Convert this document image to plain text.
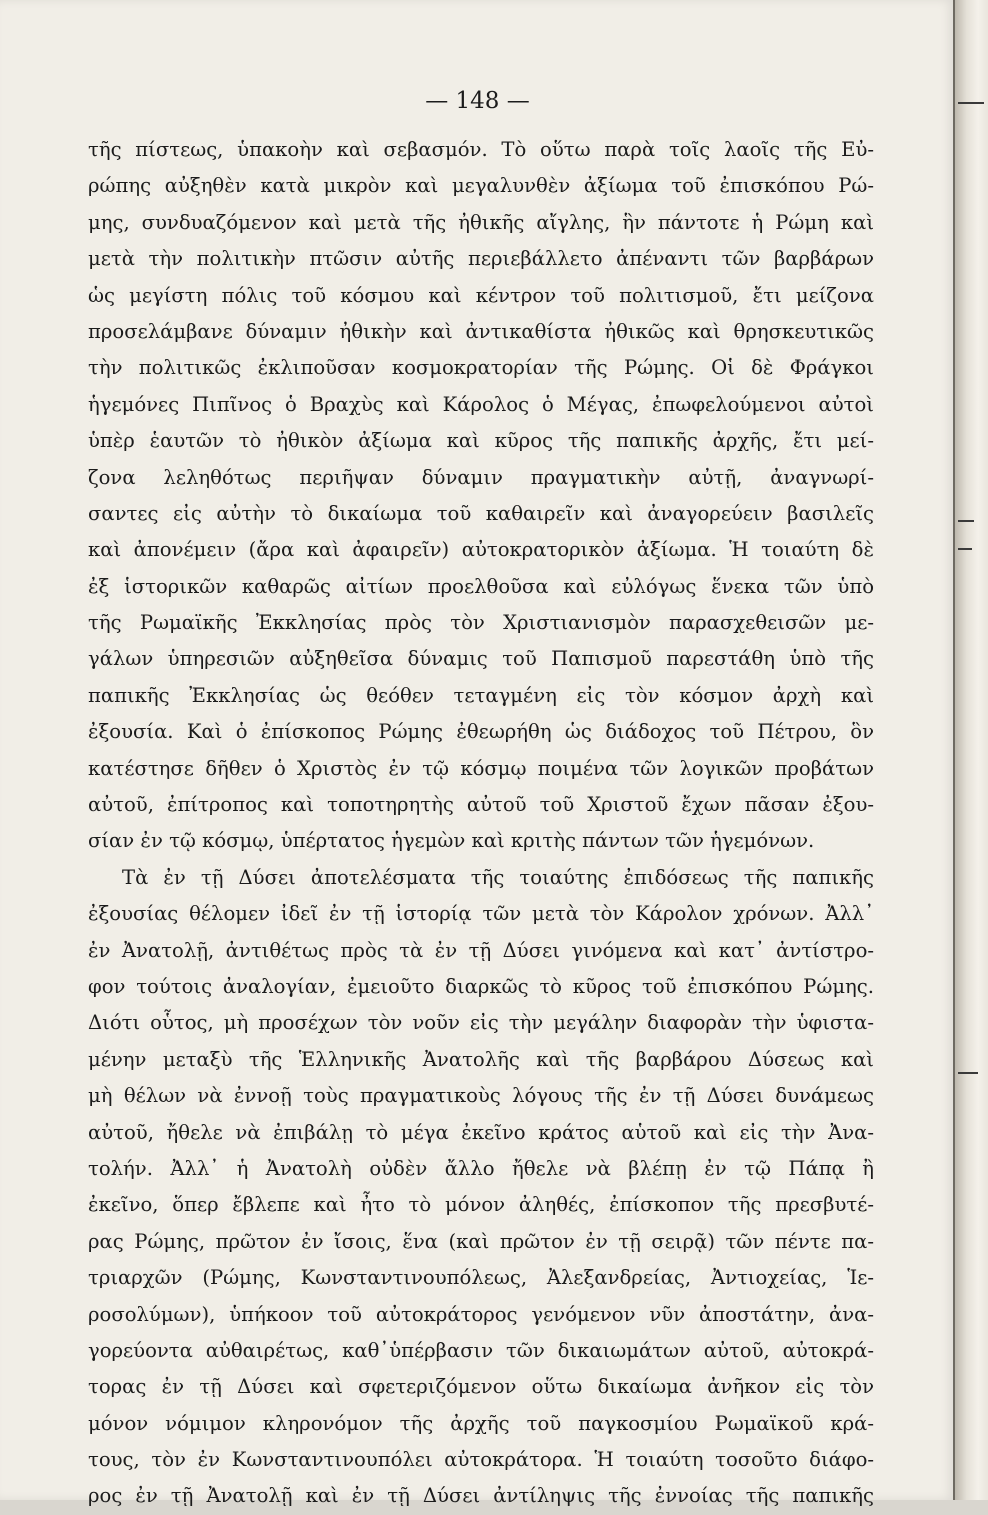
— 148 —
τῆς πίστεως, ὑπακοὴν καὶ σεβασμόν. Τὸ οὕτω παρὰ τοῖς λαοῖς τῆς Εὐ-
ρώπης αὐξηθὲν κατὰ μικρὸν καὶ μεγαλυνθὲν ἀξίωμα τοῦ ἐπισκόπου Ρώ-
μης, συνδυαζόμενον καὶ μετὰ τῆς ἠθικῆς αἴγλης, ἣν πάντοτε ἡ Ρώμη καὶ
μετὰ τὴν πολιτικὴν πτῶσιν αὐτῆς περιεβάλλετο ἀπέναντι τῶν βαρβάρων
ὡς μεγίστη πόλις τοῦ κόσμου καὶ κέντρον τοῦ πολιτισμοῦ, ἔτι μείζονα
προσελάμβανε δύναμιν ἠθικὴν καὶ ἀντικαθίστα ἠθικῶς καὶ θρησκευτικῶς
τὴν πολιτικῶς ἐκλιποῦσαν κοσμοκρατορίαν τῆς Ρώμης. Οἱ δὲ Φράγκοι
ἡγεμόνες Πιπῖνος ὁ Βραχὺς καὶ Κάρολος ὁ Μέγας, ἐπωφελούμενοι αὐτοὶ
ὑπὲρ ἑαυτῶν τὸ ἠθικὸν ἀξίωμα καὶ κῦρος τῆς παπικῆς ἀρχῆς, ἔτι μεί-
ζονα λεληθότως περιῆψαν δύναμιν πραγματικὴν αὐτῇ, ἀναγνωρί-
σαντες εἰς αὐτὴν τὸ δικαίωμα τοῦ καθαιρεῖν καὶ ἀναγορεύειν βασιλεῖς
καὶ ἀπονέμειν (ἄρα καὶ ἀφαιρεῖν) αὐτοκρατορικὸν ἀξίωμα. Ἡ τοιαύτη δὲ
ἐξ ἱστορικῶν καθαρῶς αἰτίων προελθοῦσα καὶ εὐλόγως ἕνεκα τῶν ὑπὸ
τῆς Ρωμαϊκῆς Ἐκκλησίας πρὸς τὸν Χριστιανισμὸν παρασχεθεισῶν με-
γάλων ὑπηρεσιῶν αὐξηθεῖσα δύναμις τοῦ Παπισμοῦ παρεστάθη ὑπὸ τῆς
παπικῆς Ἐκκλησίας ὡς θεόθεν τεταγμένη εἰς τὸν κόσμον ἀρχὴ καὶ
ἐξουσία. Καὶ ὁ ἐπίσκοπος Ρώμης ἐθεωρήθη ὡς διάδοχος τοῦ Πέτρου, ὃν
κατέστησε δῆθεν ὁ Χριστὸς ἐν τῷ κόσμῳ ποιμένα τῶν λογικῶν προβάτων
αὐτοῦ, ἐπίτροπος καὶ τοποτηρητὴς αὐτοῦ τοῦ Χριστοῦ ἔχων πᾶσαν ἐξου-
σίαν ἐν τῷ κόσμῳ, ὑπέρτατος ἡγεμὼν καὶ κριτὴς πάντων τῶν ἡγεμόνων.
Τὰ ἐν τῇ Δύσει ἀποτελέσματα τῆς τοιαύτης ἐπιδόσεως τῆς παπικῆς
ἐξουσίας θέλομεν ἰδεῖ ἐν τῇ ἱστορίᾳ τῶν μετὰ τὸν Κάρολον χρόνων. Ἀλλ᾽
ἐν Ἀνατολῇ, ἀντιθέτως πρὸς τὰ ἐν τῇ Δύσει γινόμενα καὶ κατ᾽ ἀντίστρο-
φον τούτοις ἀναλογίαν, ἐμειοῦτο διαρκῶς τὸ κῦρος τοῦ ἐπισκόπου Ρώμης.
Διότι οὗτος, μὴ προσέχων τὸν νοῦν εἰς τὴν μεγάλην διαφορὰν τὴν ὑφιστα-
μένην μεταξὺ τῆς Ἑλληνικῆς Ἀνατολῆς καὶ τῆς βαρβάρου Δύσεως καὶ
μὴ θέλων νὰ ἐννοῇ τοὺς πραγματικοὺς λόγους τῆς ἐν τῇ Δύσει δυνάμεως
αὐτοῦ, ἤθελε νὰ ἐπιβάλῃ τὸ μέγα ἐκεῖνο κράτος αὑτοῦ καὶ εἰς τὴν Ἀνα-
τολήν. Ἀλλ᾽ ἡ Ἀνατολὴ οὐδὲν ἄλλο ἤθελε νὰ βλέπῃ ἐν τῷ Πάπᾳ ἢ
ἐκεῖνο, ὅπερ ἔβλεπε καὶ ἦτο τὸ μόνον ἀληθές, ἐπίσκοπον τῆς πρεσβυτέ-
ρας Ρώμης, πρῶτον ἐν ἴσοις, ἕνα (καὶ πρῶτον ἐν τῇ σειρᾷ) τῶν πέντε πα-
τριαρχῶν (Ρώμης, Κωνσταντινουπόλεως, Ἀλεξανδρείας, Ἀντιοχείας, Ἱε-
ροσολύμων), ὑπήκοον τοῦ αὐτοκράτορος γενόμενον νῦν ἀποστάτην, ἀνα-
γορεύοντα αὐθαιρέτως, καθ᾽ὑπέρβασιν τῶν δικαιωμάτων αὐτοῦ, αὐτοκρά-
τορας ἐν τῇ Δύσει καὶ σφετεριζόμενον οὕτω δικαίωμα ἀνῆκον εἰς τὸν
μόνον νόμιμον κληρονόμον τῆς ἀρχῆς τοῦ παγκοσμίου Ρωμαϊκοῦ κρά-
τους, τὸν ἐν Κωνσταντινουπόλει αὐτοκράτορα. Ἡ τοιαύτη τοσοῦτο διάφο-
ρος ἐν τῇ Ἀνατολῇ καὶ ἐν τῇ Δύσει ἀντίληψις τῆς ἐννοίας τῆς παπικῆς
